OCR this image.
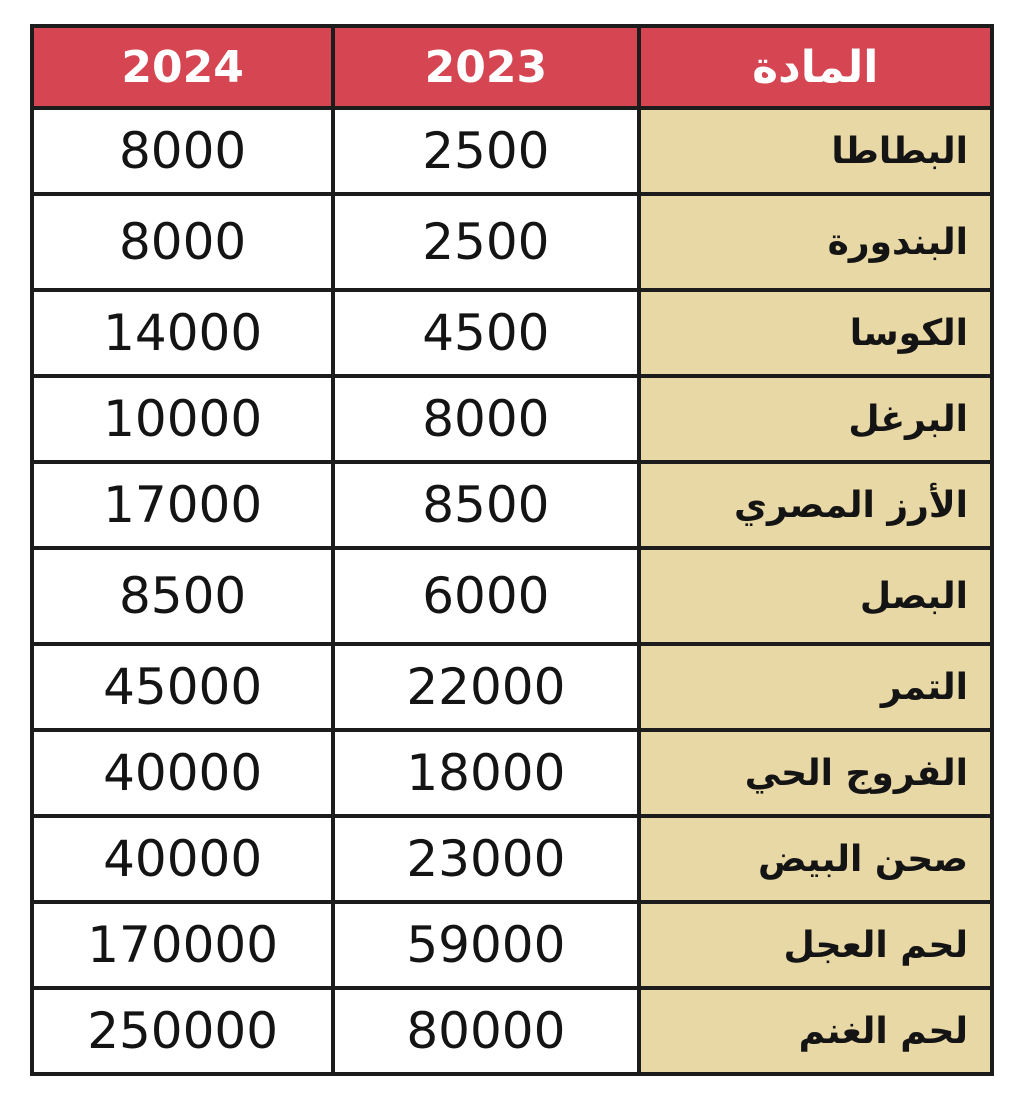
2024	2023	المادة
8000	2500	البطاطا
8000	2500	البندورة
14000	4500	الكوسا
10000	8000	البرغل
17000	8500	الأرز المصري
8500	6000	البصل
45000	22000	التمر
40000	18000	الفروج الحي
40000	23000	صحن البيض
170000	59000	لحم العجل
250000	80000	لحم الغنم
